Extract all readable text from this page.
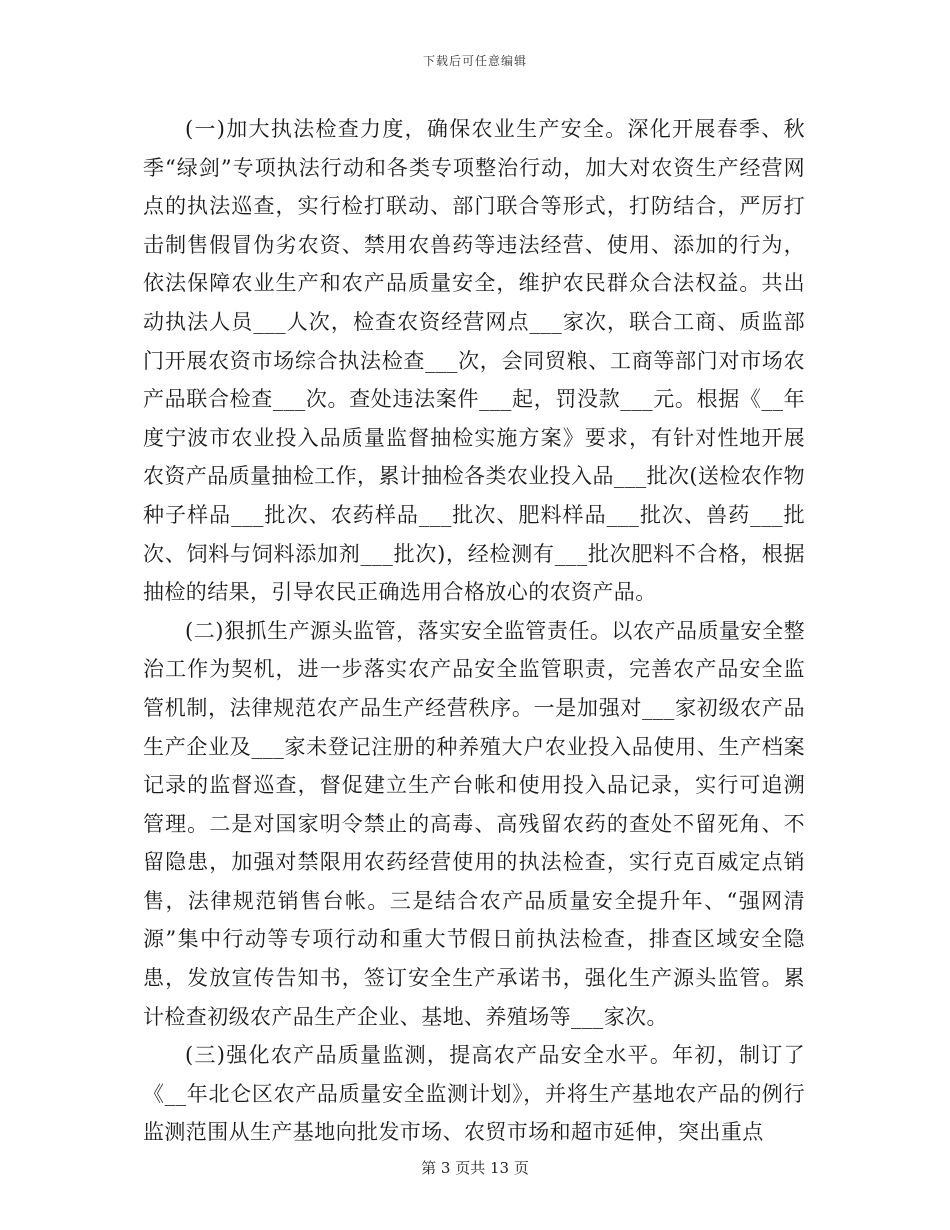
下载后可任意编辑

(一)加大执法检查力度，确保农业生产安全。深化开展春季、秋季“绿剑”专项执法行动和各类专项整治行动，加大对农资生产经营网点的执法巡查，实行检打联动、部门联合等形式，打防结合，严厉打击制售假冒伪劣农资、禁用农兽药等违法经营、使用、添加的行为，依法保障农业生产和农产品质量安全，维护农民群众合法权益。共出动执法人员___人次，检查农资经营网点___家次，联合工商、质监部门开展农资市场综合执法检查___次，会同贸粮、工商等部门对市场农产品联合检查___次。查处违法案件___起，罚没款___元。根据《__年度宁波市农业投入品质量监督抽检实施方案》要求，有针对性地开展农资产品质量抽检工作，累计抽检各类农业投入品___批次(送检农作物种子样品___批次、农药样品___批次、肥料样品___批次、兽药___批次、饲料与饲料添加剂___批次)，经检测有___批次肥料不合格，根据抽检的结果，引导农民正确选用合格放心的农资产品。

(二)狠抓生产源头监管，落实安全监管责任。以农产品质量安全整治工作为契机，进一步落实农产品安全监管职责，完善农产品安全监管机制，法律规范农产品生产经营秩序。一是加强对___家初级农产品生产企业及___家未登记注册的种养殖大户农业投入品使用、生产档案记录的监督巡查，督促建立生产台帐和使用投入品记录，实行可追溯管理。二是对国家明令禁止的高毒、高残留农药的查处不留死角、不留隐患，加强对禁限用农药经营使用的执法检查，实行克百威定点销售，法律规范销售台帐。三是结合农产品质量安全提升年、“强网清源”集中行动等专项行动和重大节假日前执法检查，排查区域安全隐患，发放宣传告知书，签订安全生产承诺书，强化生产源头监管。累计检查初级农产品生产企业、基地、养殖场等___家次。

(三)强化农产品质量监测，提高农产品安全水平。年初，制订了《__年北仑区农产品质量安全监测计划》，并将生产基地农产品的例行监测范围从生产基地向批发市场、农贸市场和超市延伸，突出重点

第 3 页共 13 页
